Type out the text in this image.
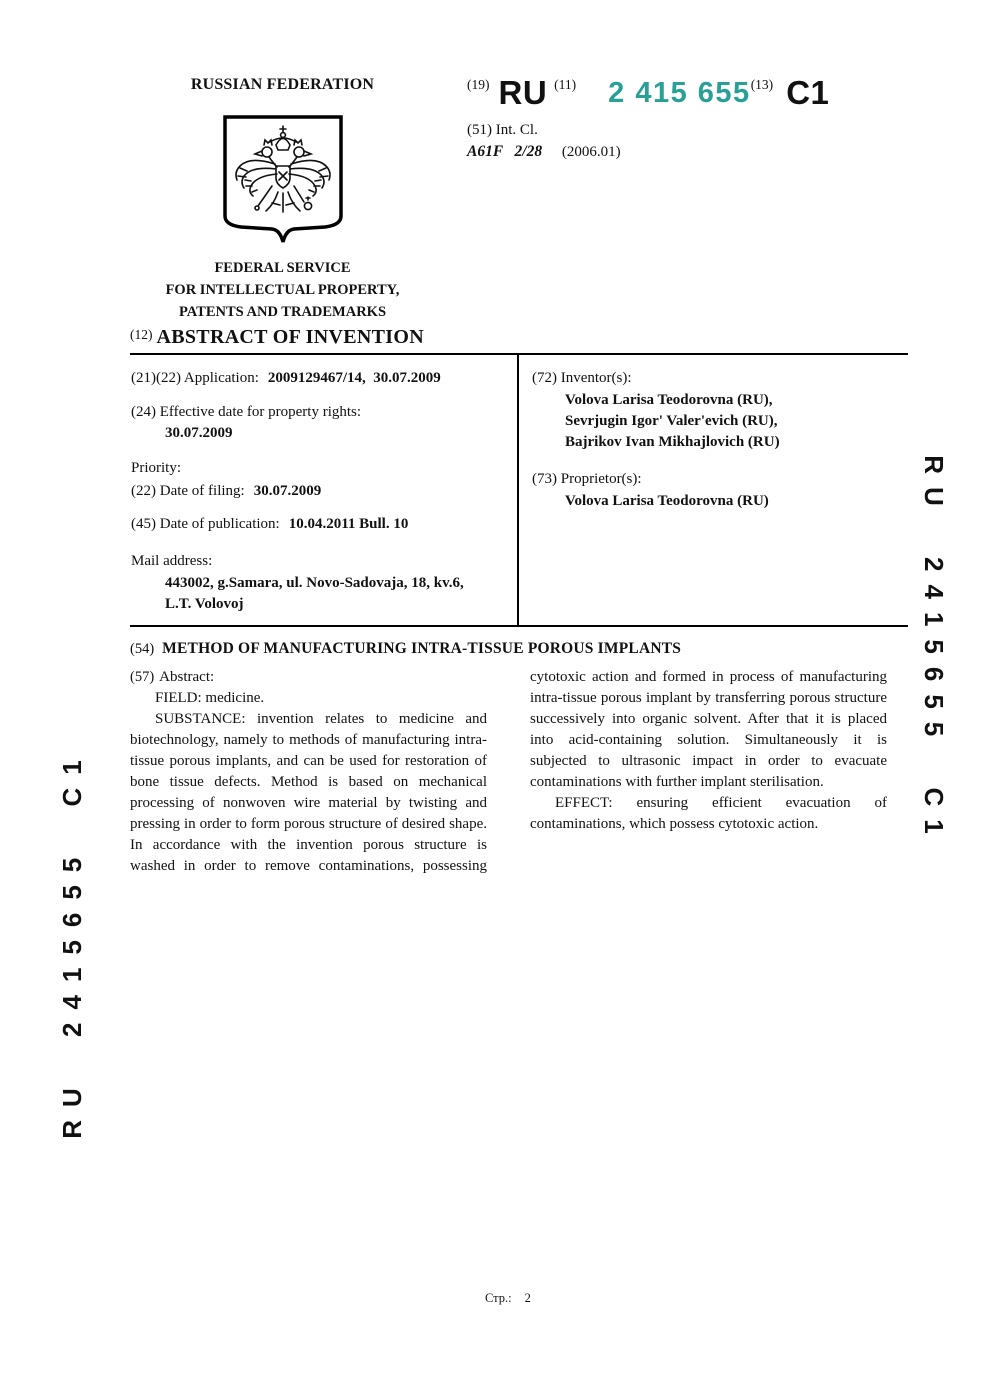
RU 2415655 C1
RU 2415655 C1
RUSSIAN FEDERATION
FEDERAL SERVICE
FOR INTELLECTUAL PROPERTY,
PATENTS AND TRADEMARKS
(19) RU (11) 2 415 655 (13) C1
(51) Int. Cl.
A61F   2/28 (2006.01)
(12) ABSTRACT OF INVENTION
(21)(22) Application: 2009129467/14,  30.07.2009
(24) Effective date for property rights:
30.07.2009
Priority:
(22) Date of filing: 30.07.2009
(45) Date of publication: 10.04.2011 Bull. 10
Mail address:
443002, g.Samara, ul. Novo-Sadovaja, 18, kv.6,
L.T. Volovoj
(72) Inventor(s):
Volova Larisa Teodorovna (RU),
Sevrjugin Igor' Valer'evich (RU),
Bajrikov Ivan Mikhajlovich (RU)
(73) Proprietor(s):
Volova Larisa Teodorovna (RU)
(54) METHOD OF MANUFACTURING INTRA-TISSUE POROUS IMPLANTS

(57) Abstract:

FIELD: medicine.

SUBSTANCE: invention relates to medicine and biotechnology, namely to methods of manufacturing intra-tissue porous implants, and can be used for restoration of bone tissue defects. Method is based on mechanical processing of nonwoven wire material by twisting and pressing in order to form porous structure of desired shape. In accordance with the invention porous structure is washed in order to remove contaminations, possessing cytotoxic action and formed in process of manufacturing intra-tissue porous implant by transferring porous structure successively into organic solvent. After that it is placed into acid-containing solution. Simultaneously it is subjected to ultrasonic impact in order to evacuate contaminations with further implant sterilisation.

EFFECT: ensuring efficient evacuation of contaminations, which possess cytotoxic action.

Стр.: 2
